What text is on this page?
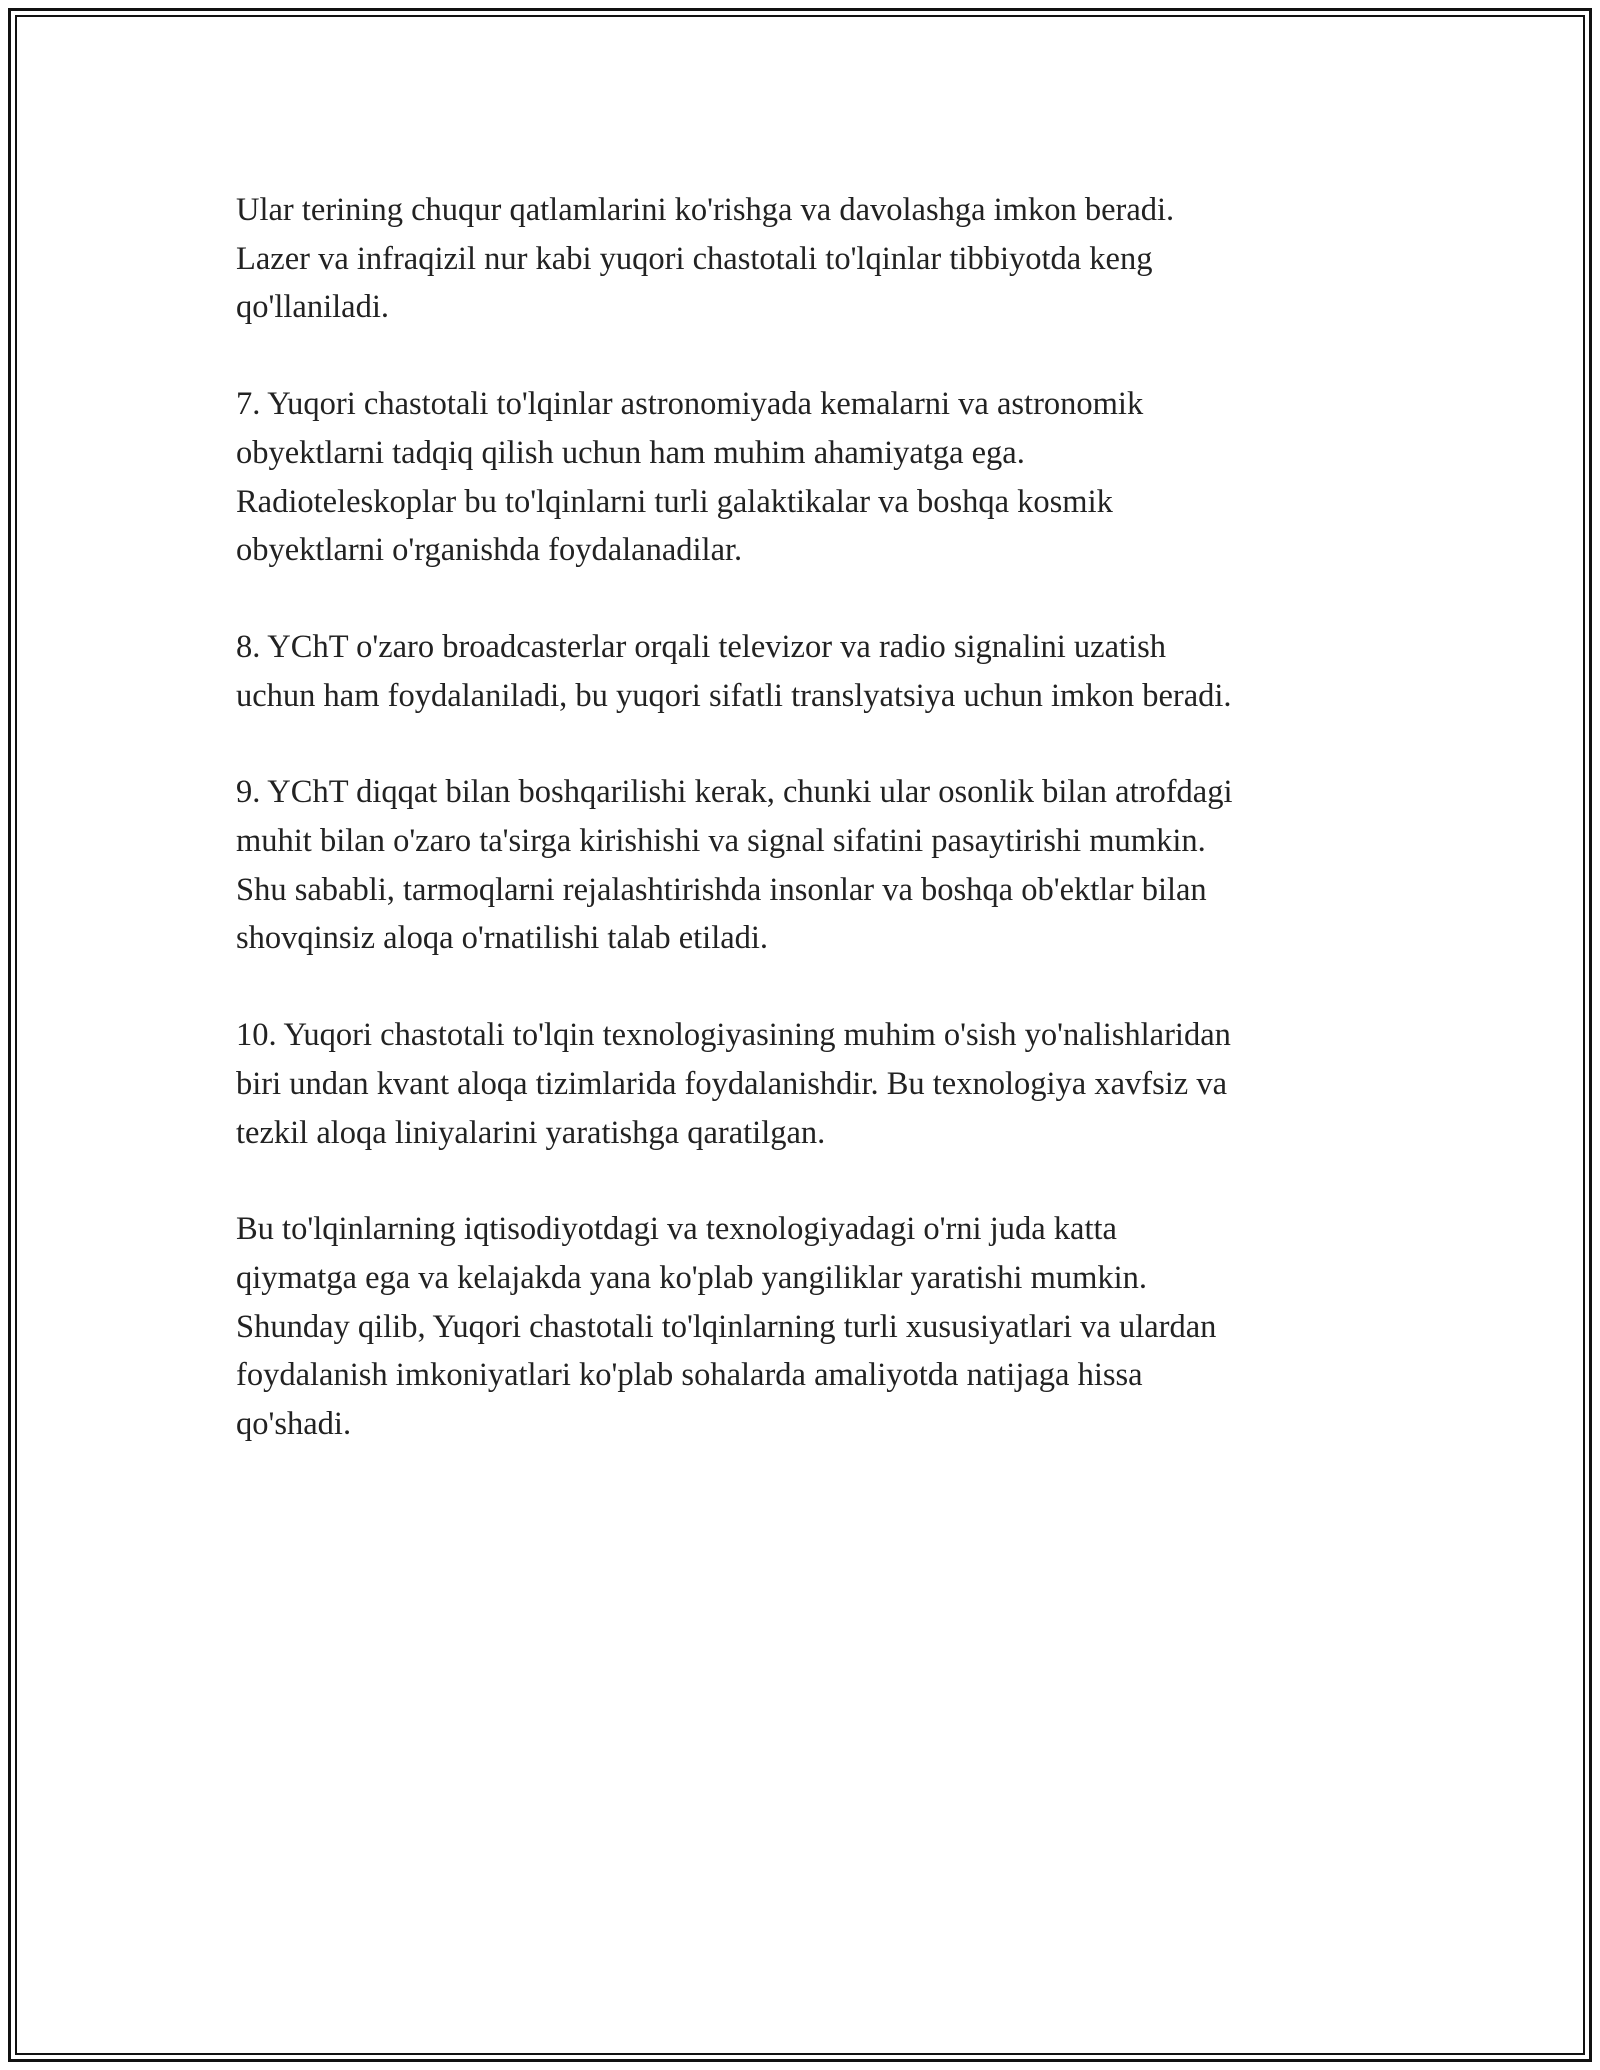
Ular terining chuqur qatlamlarini ko'rishga va davolashga imkon beradi.
Lazer va infraqizil nur kabi yuqori chastotali to'lqinlar tibbiyotda keng
qo'llaniladi.

7. Yuqori chastotali to'lqinlar astronomiyada kemalarni va astronomik
obyektlarni tadqiq qilish uchun ham muhim ahamiyatga ega.
Radioteleskoplar bu to'lqinlarni turli galaktikalar va boshqa kosmik
obyektlarni o'rganishda foydalanadilar.

8. YChT o'zaro broadcasterlar orqali televizor va radio signalini uzatish
uchun ham foydalaniladi, bu yuqori sifatli translyatsiya uchun imkon beradi.

9. YChT diqqat bilan boshqarilishi kerak, chunki ular osonlik bilan atrofdagi
muhit bilan o'zaro ta'sirga kirishishi va signal sifatini pasaytirishi mumkin.
Shu sababli, tarmoqlarni rejalashtirishda insonlar va boshqa ob'ektlar bilan
shovqinsiz aloqa o'rnatilishi talab etiladi.

10. Yuqori chastotali to'lqin texnologiyasining muhim o'sish yo'nalishlaridan
biri undan kvant aloqa tizimlarida foydalanishdir. Bu texnologiya xavfsiz va
tezkil aloqa liniyalarini yaratishga qaratilgan.

Bu to'lqinlarning iqtisodiyotdagi va texnologiyadagi o'rni juda katta
qiymatga ega va kelajakda yana ko'plab yangiliklar yaratishi mumkin.
Shunday qilib, Yuqori chastotali to'lqinlarning turli xususiyatlari va ulardan
foydalanish imkoniyatlari ko'plab sohalarda amaliyotda natijaga hissa
qo'shadi.
